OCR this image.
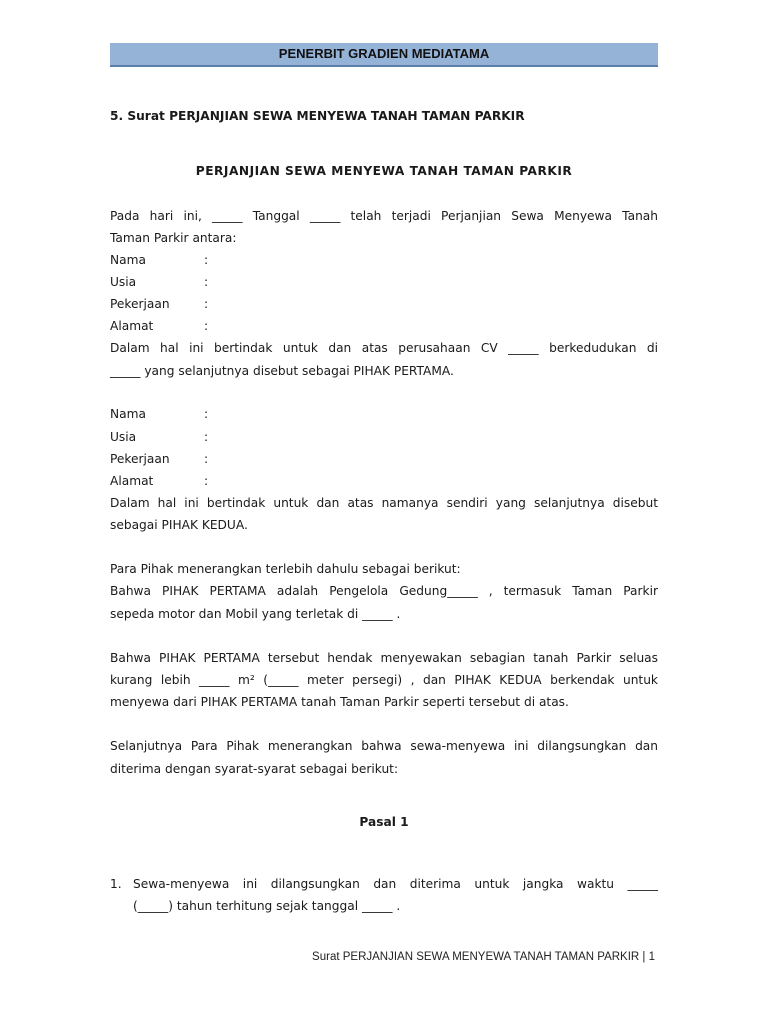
PENERBIT GRADIEN MEDIATAMA
5. Surat PERJANJIAN SEWA MENYEWA TANAH TAMAN PARKIR
PERJANJIAN SEWA MENYEWA TANAH TAMAN PARKIR
Pada hari ini, _____ Tanggal _____ telah terjadi Perjanjian Sewa Menyewa Tanah
Taman Parkir antara:
Nama	:
Usia	:
Pekerjaan	:
Alamat	:
Dalam hal ini bertindak untuk dan atas perusahaan CV _____ berkedudukan di
_____ yang selanjutnya disebut sebagai PIHAK PERTAMA.
Nama	:
Usia	:
Pekerjaan	:
Alamat	:
Dalam hal ini bertindak untuk dan atas namanya sendiri yang selanjutnya disebut
sebagai PIHAK KEDUA.
Para Pihak menerangkan terlebih dahulu sebagai berikut:
Bahwa PIHAK PERTAMA adalah Pengelola Gedung_____ , termasuk Taman Parkir
sepeda motor dan Mobil yang terletak di _____ .
Bahwa PIHAK PERTAMA tersebut hendak menyewakan sebagian tanah Parkir seluas
kurang lebih _____ m² (_____ meter persegi) , dan PIHAK KEDUA berkendak untuk
menyewa dari PIHAK PERTAMA tanah Taman Parkir seperti tersebut di atas.
Selanjutnya Para Pihak menerangkan bahwa sewa-menyewa ini dilangsungkan dan
diterima dengan syarat-syarat sebagai berikut:
Pasal 1
1. Sewa-menyewa ini dilangsungkan dan diterima untuk jangka waktu _____
(_____) tahun terhitung sejak tanggal _____ .
Surat PERJANJIAN SEWA MENYEWA TANAH TAMAN PARKIR | 1
